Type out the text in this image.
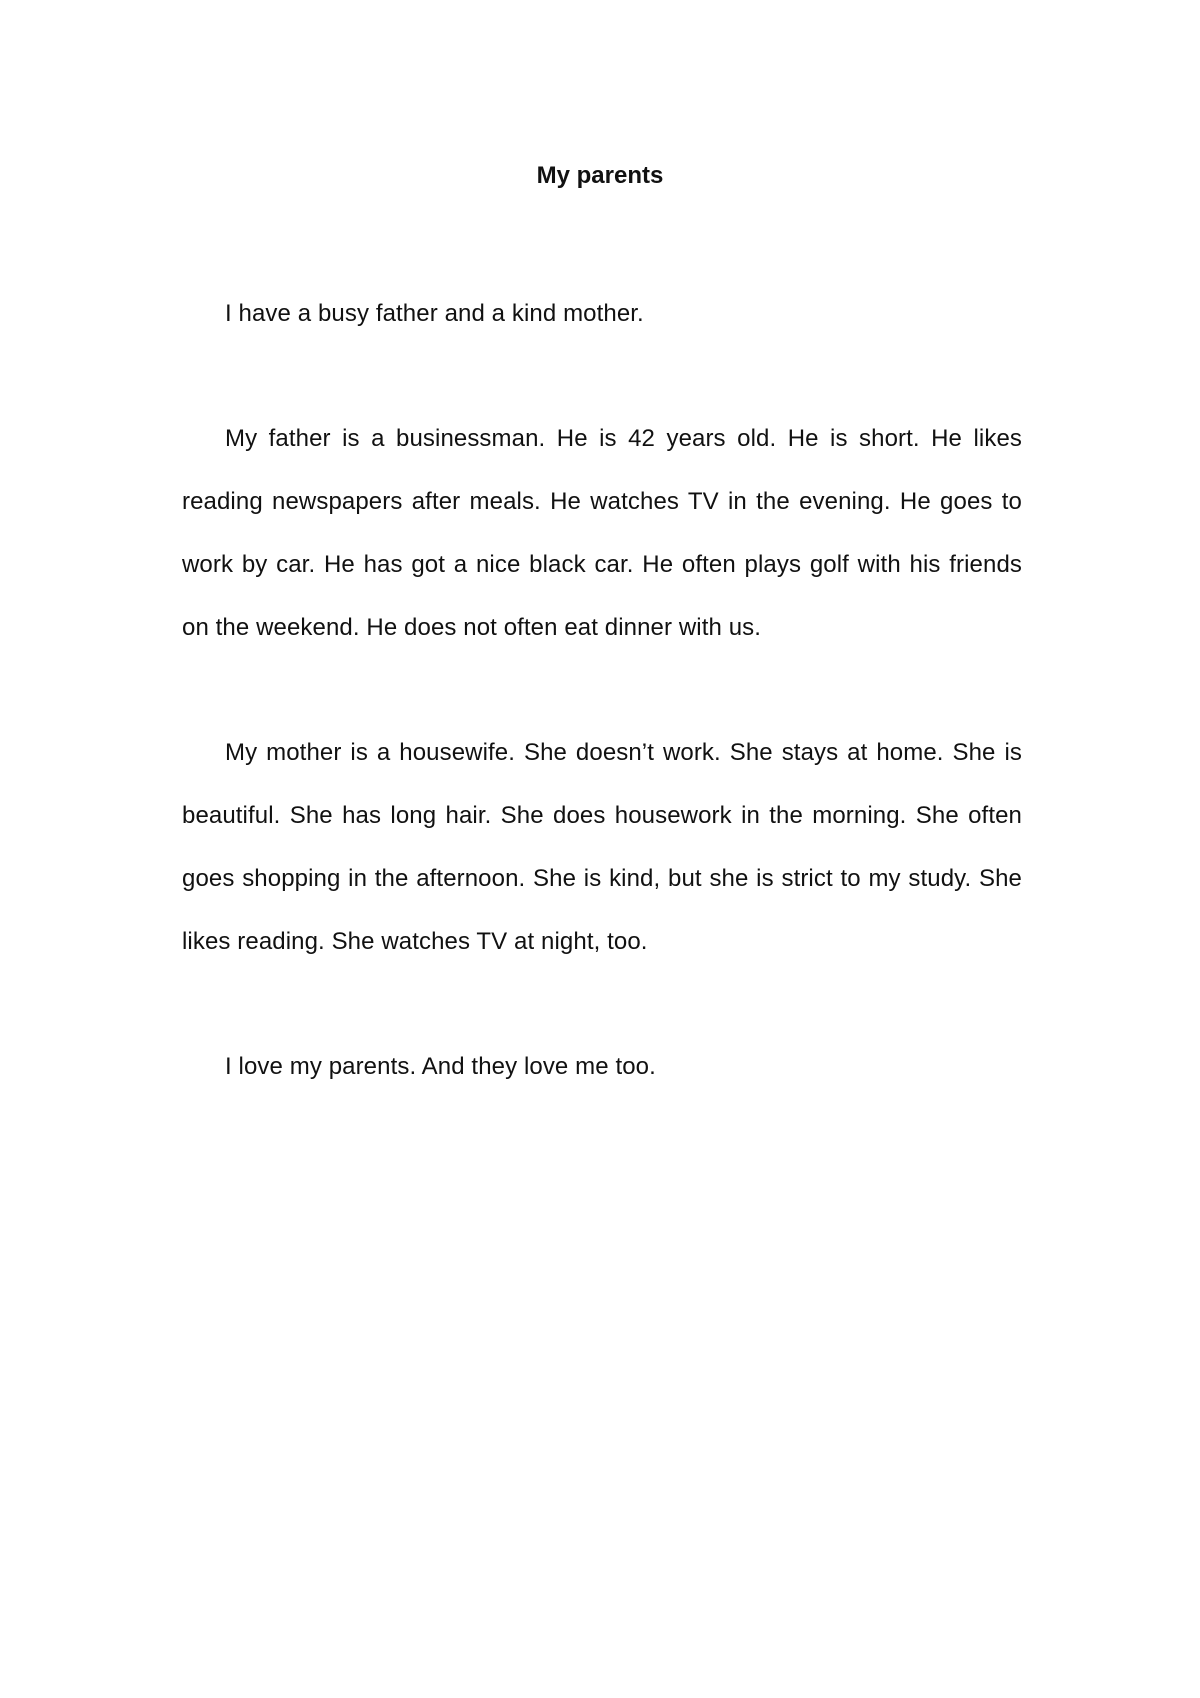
My parents

I have a busy father and a kind mother.

My father is a businessman. He is 42 years old. He is short. He likes reading newspapers after meals. He watches TV in the evening. He goes to work by car. He has got a nice black car. He often plays golf with his friends on the weekend. He does not often eat dinner with us.

My mother is a housewife. She doesn’t work. She stays at home. She is beautiful. She has long hair. She does housework in the morning. She often goes shopping in the afternoon. She is kind, but she is strict to my study. She likes reading. She watches TV at night, too.

I love my parents. And they love me too.
